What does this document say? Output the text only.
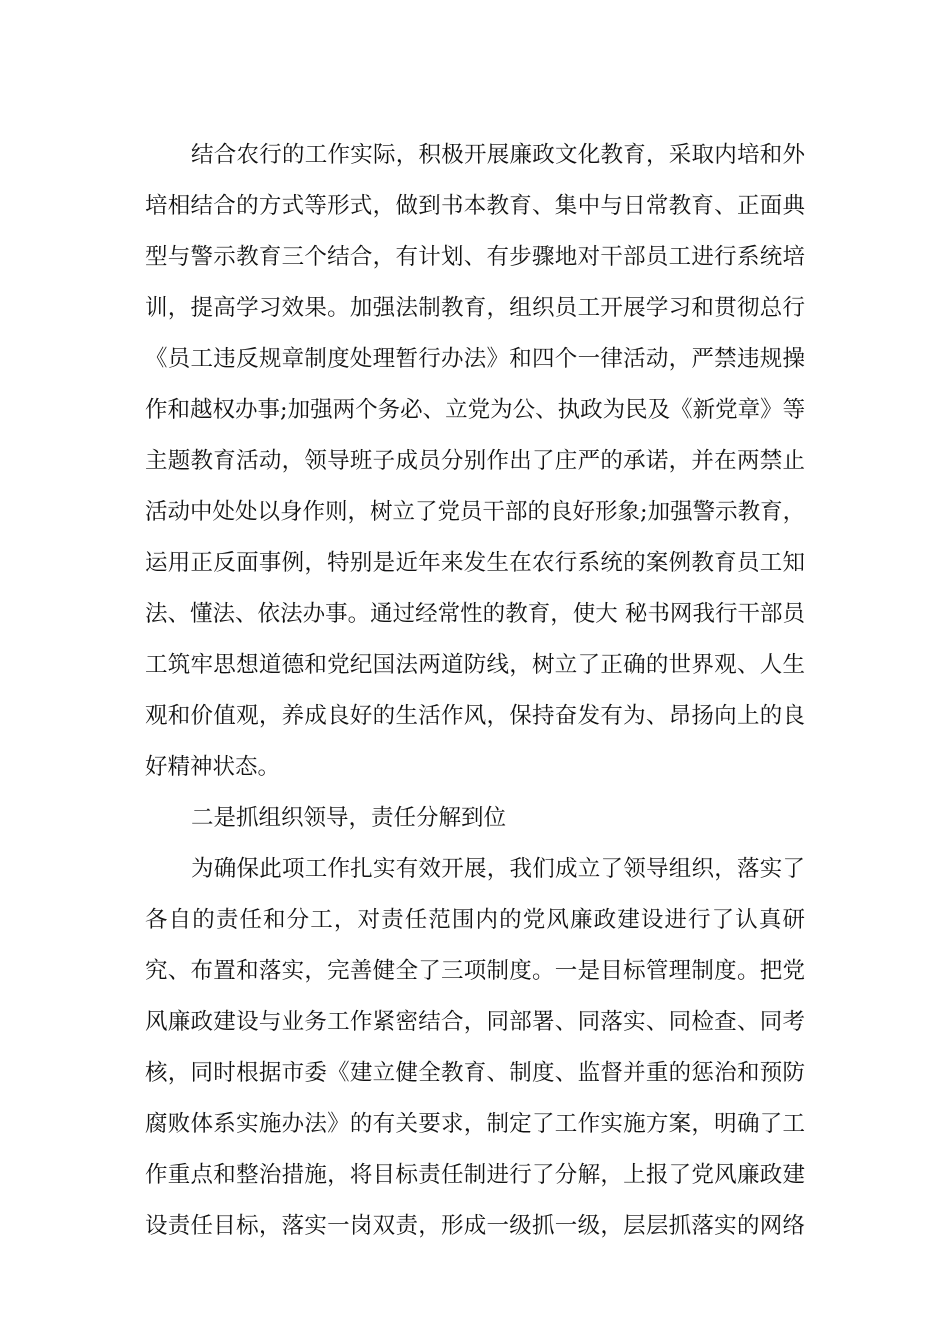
结合农行的工作实际，积极开展廉政文化教育，采取内培和外
培相结合的方式等形式，做到书本教育、集中与日常教育、正面典
型与警示教育三个结合，有计划、有步骤地对干部员工进行系统培
训，提高学习效果。加强法制教育，组织员工开展学习和贯彻总行
《员工违反规章制度处理暂行办法》和四个一律活动，严禁违规操
作和越权办事;加强两个务必、立党为公、执政为民及《新党章》等
主题教育活动，领导班子成员分别作出了庄严的承诺，并在两禁止
活动中处处以身作则，树立了党员干部的良好形象;加强警示教育，
运用正反面事例，特别是近年来发生在农行系统的案例教育员工知
法、懂法、依法办事。通过经常性的教育，使大 秘书网我行干部员
工筑牢思想道德和党纪国法两道防线，树立了正确的世界观、人生
观和价值观，养成良好的生活作风，保持奋发有为、昂扬向上的良
好精神状态。
二是抓组织领导，责任分解到位
为确保此项工作扎实有效开展，我们成立了领导组织，落实了
各自的责任和分工，对责任范围内的党风廉政建设进行了认真研
究、布置和落实，完善健全了三项制度。一是目标管理制度。把党
风廉政建设与业务工作紧密结合，同部署、同落实、同检查、同考
核，同时根据市委《建立健全教育、制度、监督并重的惩治和预防
腐败体系实施办法》的有关要求，制定了工作实施方案，明确了工
作重点和整治措施，将目标责任制进行了分解，上报了党风廉政建
设责任目标，落实一岗双责，形成一级抓一级，层层抓落实的网络
